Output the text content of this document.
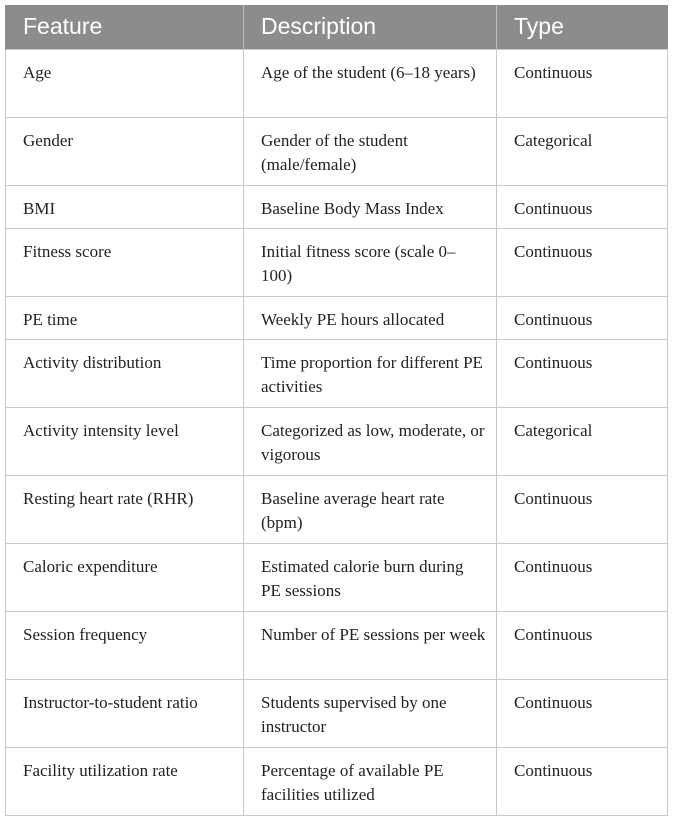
Feature	Description	Type
Age	Age of the student (6–18 years)	Continuous
Gender	Gender of the student (male/female)	Categorical
BMI	Baseline Body Mass Index	Continuous
Fitness score	Initial fitness score (scale 0–100)	Continuous
PE time	Weekly PE hours allocated	Continuous
Activity distribution	Time proportion for different PE activities	Continuous
Activity intensity level	Categorized as low, moderate, or vigorous	Categorical
Resting heart rate (RHR)	Baseline average heart rate (bpm)	Continuous
Caloric expenditure	Estimated calorie burn during PE sessions	Continuous
Session frequency	Number of PE sessions per week	Continuous
Instructor-to-student ratio	Students supervised by one instructor	Continuous
Facility utilization rate	Percentage of available PE facilities utilized	Continuous
